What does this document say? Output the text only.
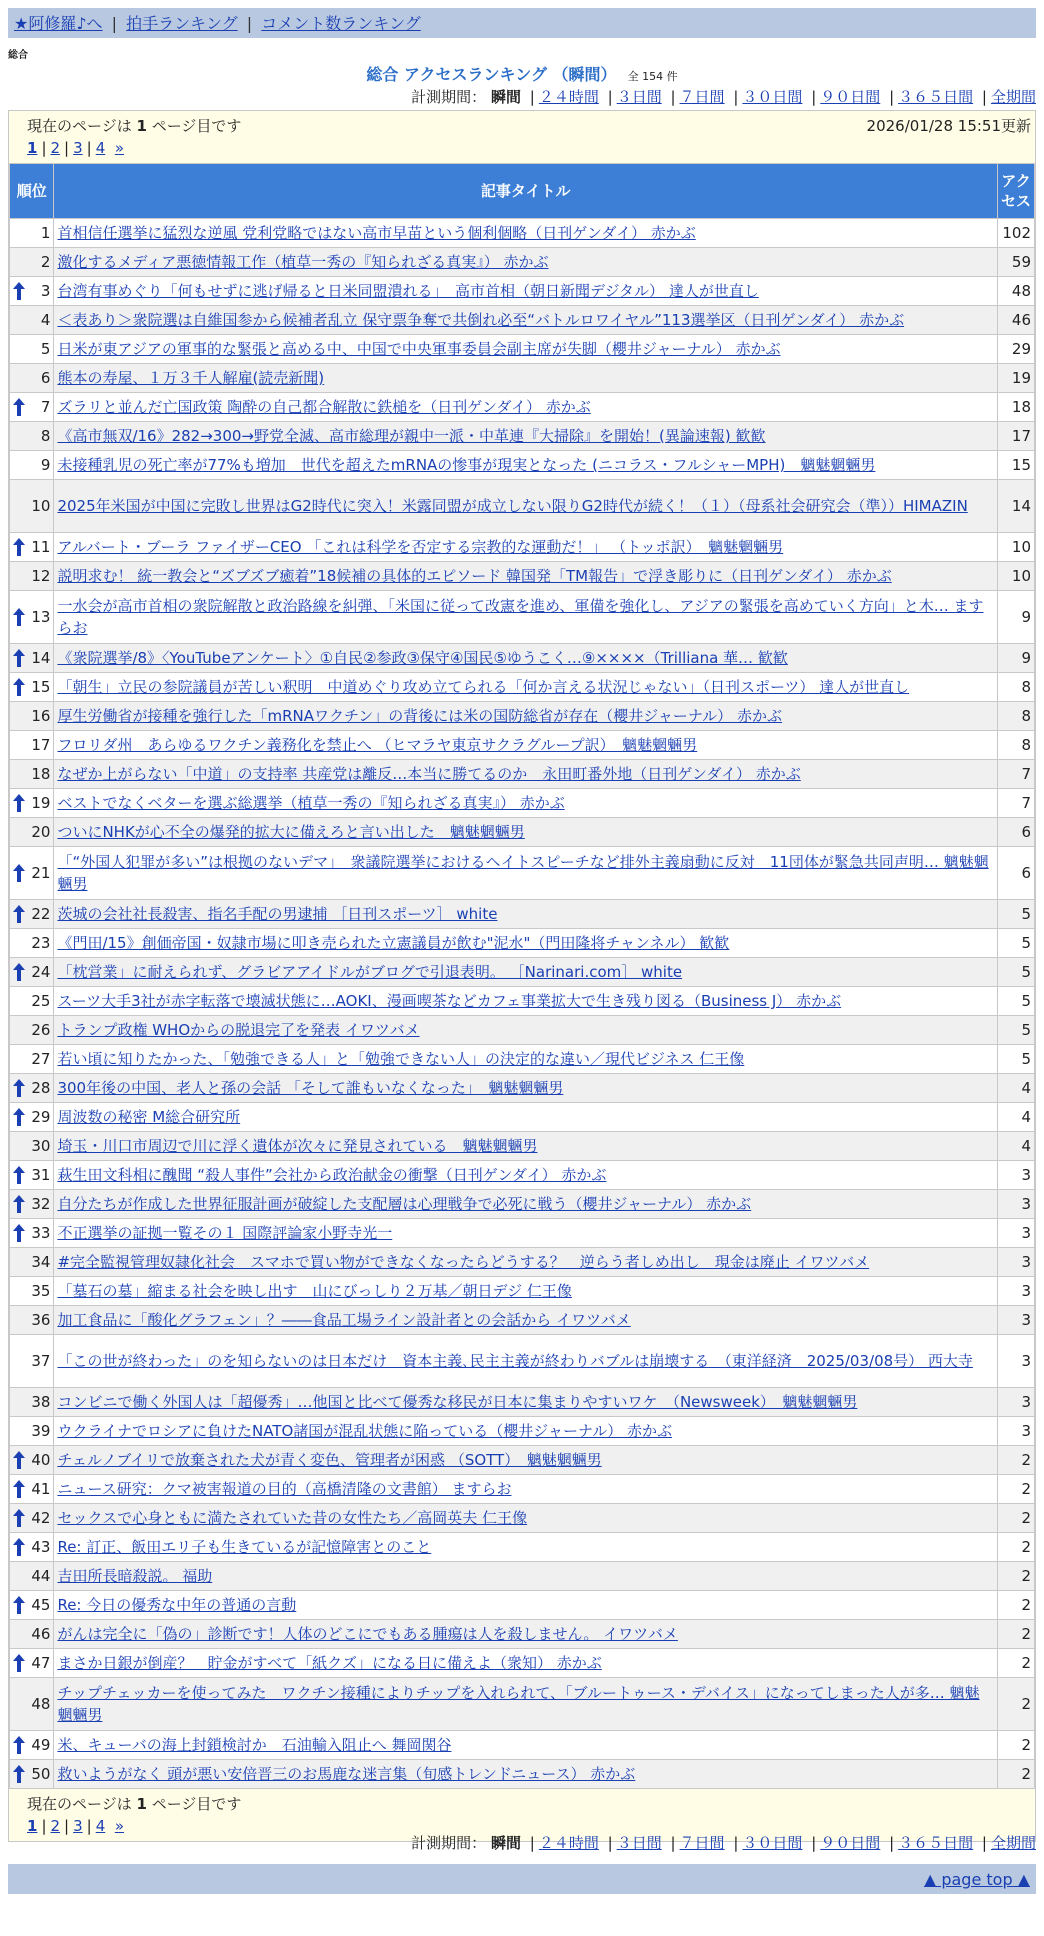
★阿修羅♪へ | 拍手ランキング | コメント数ランキング
総合
総合 アクセスランキング （瞬間） 全 154 件
計測期間： 瞬間 | ２４時間 | ３日間 | ７日間 | ３０日間 | ９０日間 | ３６５日間 | 全期間
現在のページは 1 ページ目です	2026/01/28 15:51更新
1 | 2 | 3 | 4 »
順位	記事タイトル	アクセス
1	首相信任選挙に猛烈な逆風 党利党略ではない高市早苗という個利個略（日刊ゲンダイ） 赤かぶ	102
2	激化するメディア悪徳情報工作（植草一秀の『知られざる真実』） 赤かぶ	59

3	台湾有事めぐり「何もせずに逃げ帰ると日米同盟潰れる」　高市首相（朝日新聞デジタル） 達人が世直し	48
4	＜表あり＞衆院選は自維国参から候補者乱立 保守票争奪で共倒れ必至“バトルロワイヤル”113選挙区（日刊ゲンダイ） 赤かぶ	46
5	日米が東アジアの軍事的な緊張と高める中、中国で中央軍事委員会副主席が失脚（櫻井ジャーナル） 赤かぶ	29
6	熊本の寿屋、１万３千人解雇(読売新聞)	19

7	ズラリと並んだ亡国政策 陶酔の自己都合解散に鉄槌を（日刊ゲンダイ） 赤かぶ	18
8	《高市無双/16》282→300→野党全滅、高市総理が親中一派・中革連『大掃除』を開始！(異論速報) 歓歓	17
9	未接種乳児の死亡率が77%も増加　世代を超えたmRNAの惨事が現実となった (ニコラス・フルシャーMPH)　魑魅魍魎男	15
10	2025年米国が中国に完敗し世界はG2時代に突入！米露同盟が成立しない限りG2時代が続く！（１）（母系社会研究会（準））HIMAZIN	14

11	アルバート・ブーラ ファイザーCEO 「これは科学を否定する宗教的な運動だ！」 （トッポ訳）　魑魅魍魎男	10
12	説明求む！ 統一教会と“ズブズブ癒着”18候補の具体的エピソード 韓国発「TM報告」で浮き彫りに（日刊ゲンダイ） 赤かぶ	10

13	一水会が高市首相の衆院解散と政治路線を糾弾、「米国に従って改憲を進め、軍備を強化し、アジアの緊張を高めていく方向」と木… ますらお	9

14	《衆院選挙/8》〈YouTubeアンケート〉①自民②参政③保守④国民⑤ゆうこく…⑨××××（Trilliana 華… 歓歓	9

15	「朝生」立民の参院議員が苦しい釈明　中道めぐり攻め立てられる「何か言える状況じゃない」（日刊スポーツ） 達人が世直し	8
16	厚生労働省が接種を強行した「mRNAワクチン」の背後には米の国防総省が存在（櫻井ジャーナル） 赤かぶ	8
17	フロリダ州　あらゆるワクチン義務化を禁止へ （ヒマラヤ東京サクラグループ訳）　魑魅魍魎男	8
18	なぜか上がらない「中道」の支持率 共産党は離反…本当に勝てるのか　永田町番外地（日刊ゲンダイ） 赤かぶ	7

19	ベストでなくベターを選ぶ総選挙（植草一秀の『知られざる真実』） 赤かぶ	7
20	ついにNHKが心不全の爆発的拡大に備えろと言い出した　魑魅魍魎男	6

21	「“外国人犯罪が多い”は根拠のないデマ」　衆議院選挙におけるヘイトスピーチなど排外主義扇動に反対　11団体が緊急共同声明… 魑魅魍魎男	6

22	茨城の会社社長殺害、指名手配の男逮捕 ［日刊スポーツ］ white	5
23	《門田/15》創価帝国・奴隷市場に叩き売られた立憲議員が飲む"泥水"（門田隆将チャンネル） 歓歓	5

24	「枕営業」に耐えられず、グラビアアイドルがブログで引退表明。 ［Narinari.com］ white	5
25	スーツ大手3社が赤字転落で壊滅状態に…AOKI、漫画喫茶などカフェ事業拡大で生き残り図る（Business J） 赤かぶ	5
26	トランプ政権 WHOからの脱退完了を発表 イワツバメ	5
27	若い頃に知りたかった、「勉強できる人」と「勉強できない人」の決定的な違い／現代ビジネス 仁王像	5

28	300年後の中国、老人と孫の会話 「そして誰もいなくなった」　魑魅魍魎男	4

29	周波数の秘密 M総合研究所	4
30	埼玉・川口市周辺で川に浮く遺体が次々に発見されている　魑魅魍魎男	4

31	萩生田文科相に醜聞 “殺人事件”会社から政治献金の衝撃（日刊ゲンダイ） 赤かぶ	3

32	自分たちが作成した世界征服計画が破綻した支配層は心理戦争で必死に戦う（櫻井ジャーナル） 赤かぶ	3

33	不正選挙の証拠一覧その１ 国際評論家小野寺光一	3
34	#完全監視管理奴隷化社会　スマホで買い物ができなくなったらどうする？　逆らう者しめ出し　現金は廃止 イワツバメ	3
35	「墓石の墓」縮まる社会を映し出す　山にびっしり２万基／朝日デジ 仁王像	3
36	加工食品に「酸化グラフェン」？――食品工場ライン設計者との会話から イワツバメ	3
37	「この世が終わった」のを知らないのは日本だけ　資本主義､民主主義が終わりバブルは崩壊する　（東洋経済　2025/03/08号） 西大寺	3
38	コンビニで働く外国人は「超優秀」…他国と比べて優秀な移民が日本に集まりやすいワケ　（Newsweek）　魑魅魍魎男	3
39	ウクライナでロシアに負けたNATO諸国が混乱状態に陥っている（櫻井ジャーナル） 赤かぶ	3

40	チェルノブイリで放棄された犬が青く変色、管理者が困惑 （SOTT）　魑魅魍魎男	2

41	ニュース研究：クマ被害報道の目的（高橋清隆の文書館） ますらお	2

42	セックスで心身ともに満たされていた昔の女性たち／高岡英夫 仁王像	2

43	Re: 訂正、飯田エリ子も生きているが記憶障害とのこと	2
44	吉田所長暗殺説。 福助	2

45	Re: 今日の優秀な中年の普通の言動	2
46	がんは完全に「偽の」診断です！人体のどこにでもある腫瘍は人を殺しません。 イワツバメ	2

47	まさか日銀が倒産？　貯金がすべて「紙クズ」になる日に備えよ（衆知） 赤かぶ	2
48	チップチェッカーを使ってみた　ワクチン接種によりチップを入れられて、「ブルートゥース・デバイス」になってしまった人が多… 魑魅魍魎男	2

49	米、キューバの海上封鎖検討か　石油輸入阻止へ 舞岡関谷	2

50	救いようがなく 頭が悪い安倍晋三のお馬鹿な迷言集（旬感トレンドニュース） 赤かぶ	2
現在のページは 1 ページ目です
1 | 2 | 3 | 4 »
計測期間： 瞬間 | ２４時間 | ３日間 | ７日間 | ３０日間 | ９０日間 | ３６５日間 | 全期間
▲ page top ▲
